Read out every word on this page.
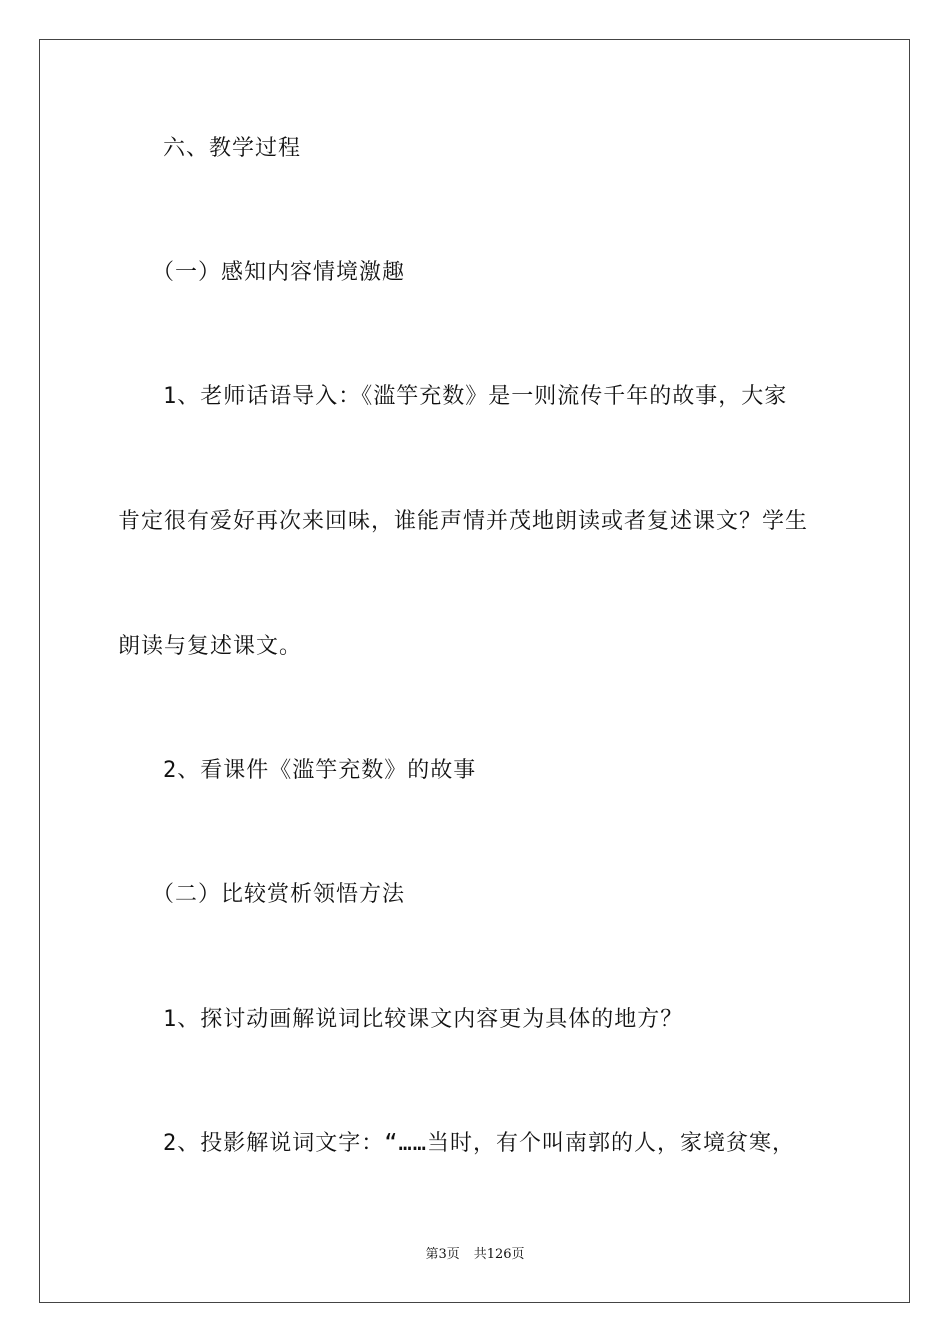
六、教学过程
（一）感知内容情境激趣
1、老师话语导入：《滥竽充数》是一则流传千年的故事，大家
肯定很有爱好再次来回味，谁能声情并茂地朗读或者复述课文？学生
朗读与复述课文。
2、看课件《滥竽充数》的故事
（二）比较赏析领悟方法
1、探讨动画解说词比较课文内容更为具体的地方？
2、投影解说词文字：“……当时，有个叫南郭的人，家境贫寒，
第3页 共126页
